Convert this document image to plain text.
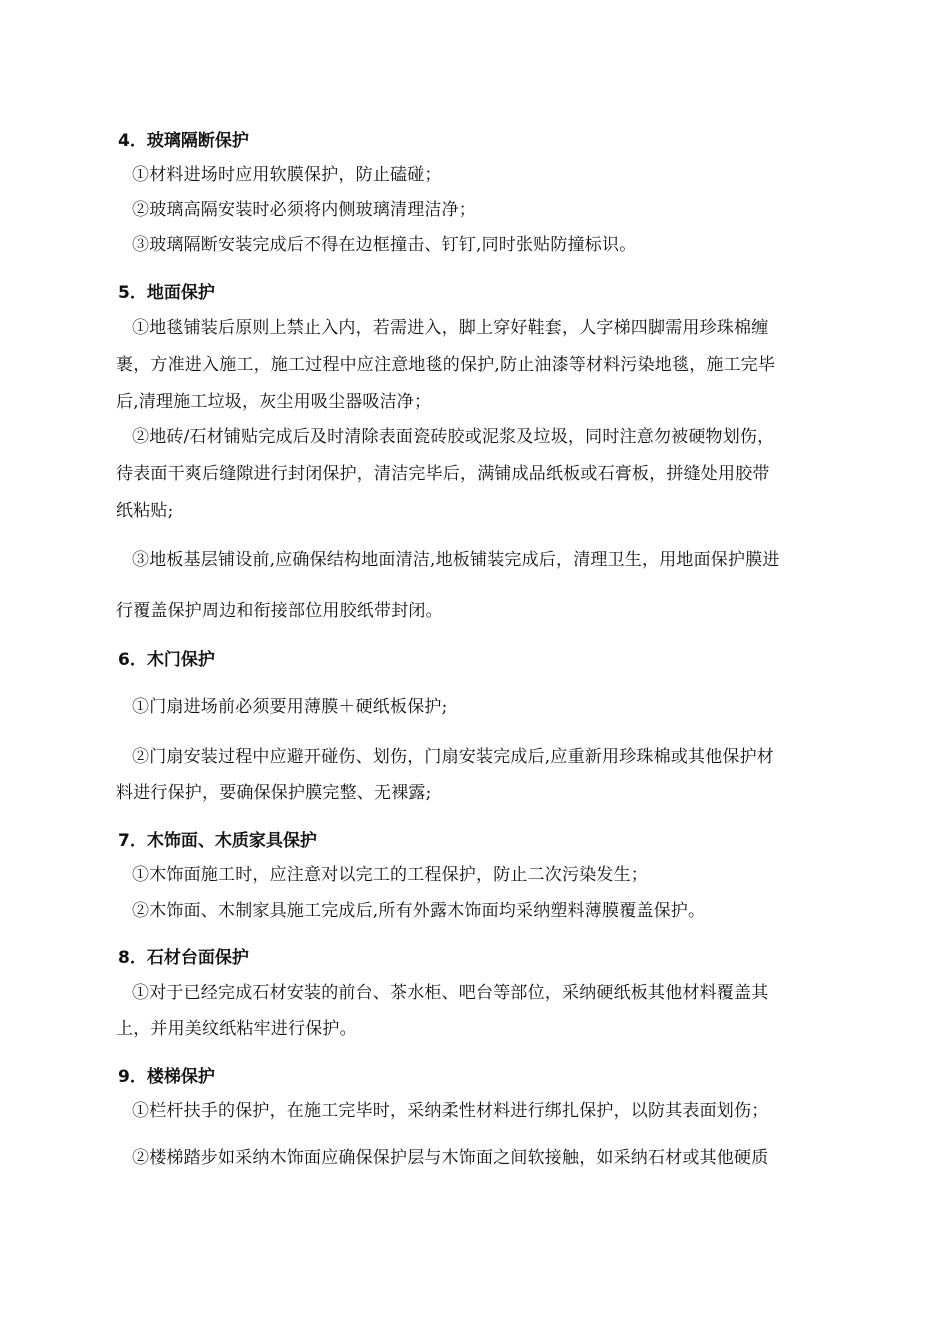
4．玻璃隔断保护
①材料进场时应用软膜保护，防止磕碰；
②玻璃高隔安装时必须将内侧玻璃清理洁净；
③玻璃隔断安装完成后不得在边框撞击、钉钉,同时张贴防撞标识。
5．地面保护
①地毯铺装后原则上禁止入内，若需进入，脚上穿好鞋套，人字梯四脚需用珍珠棉缠
裹，方准进入施工，施工过程中应注意地毯的保护,防止油漆等材料污染地毯，施工完毕
后,清理施工垃圾，灰尘用吸尘器吸洁净；
②地砖/石材铺贴完成后及时清除表面瓷砖胶或泥浆及垃圾，同时注意勿被硬物划伤，
待表面干爽后缝隙进行封闭保护，清洁完毕后，满铺成品纸板或石膏板，拼缝处用胶带
纸粘贴;
③地板基层铺设前,应确保结构地面清洁,地板铺装完成后，清理卫生，用地面保护膜进
行覆盖保护周边和衔接部位用胶纸带封闭。
6．木门保护
①门扇进场前必须要用薄膜＋硬纸板保护;
②门扇安装过程中应避开碰伤、划伤，门扇安装完成后,应重新用珍珠棉或其他保护材
料进行保护，要确保保护膜完整、无裸露;
7．木饰面、木质家具保护
①木饰面施工时，应注意对以完工的工程保护，防止二次污染发生；
②木饰面、木制家具施工完成后,所有外露木饰面均采纳塑料薄膜覆盖保护。
8．石材台面保护
①对于已经完成石材安装的前台、茶水柜、吧台等部位，采纳硬纸板其他材料覆盖其
上，并用美纹纸粘牢进行保护。
9．楼梯保护
①栏杆扶手的保护，在施工完毕时，采纳柔性材料进行绑扎保护，以防其表面划伤；
②楼梯踏步如采纳木饰面应确保保护层与木饰面之间软接触，如采纳石材或其他硬质
